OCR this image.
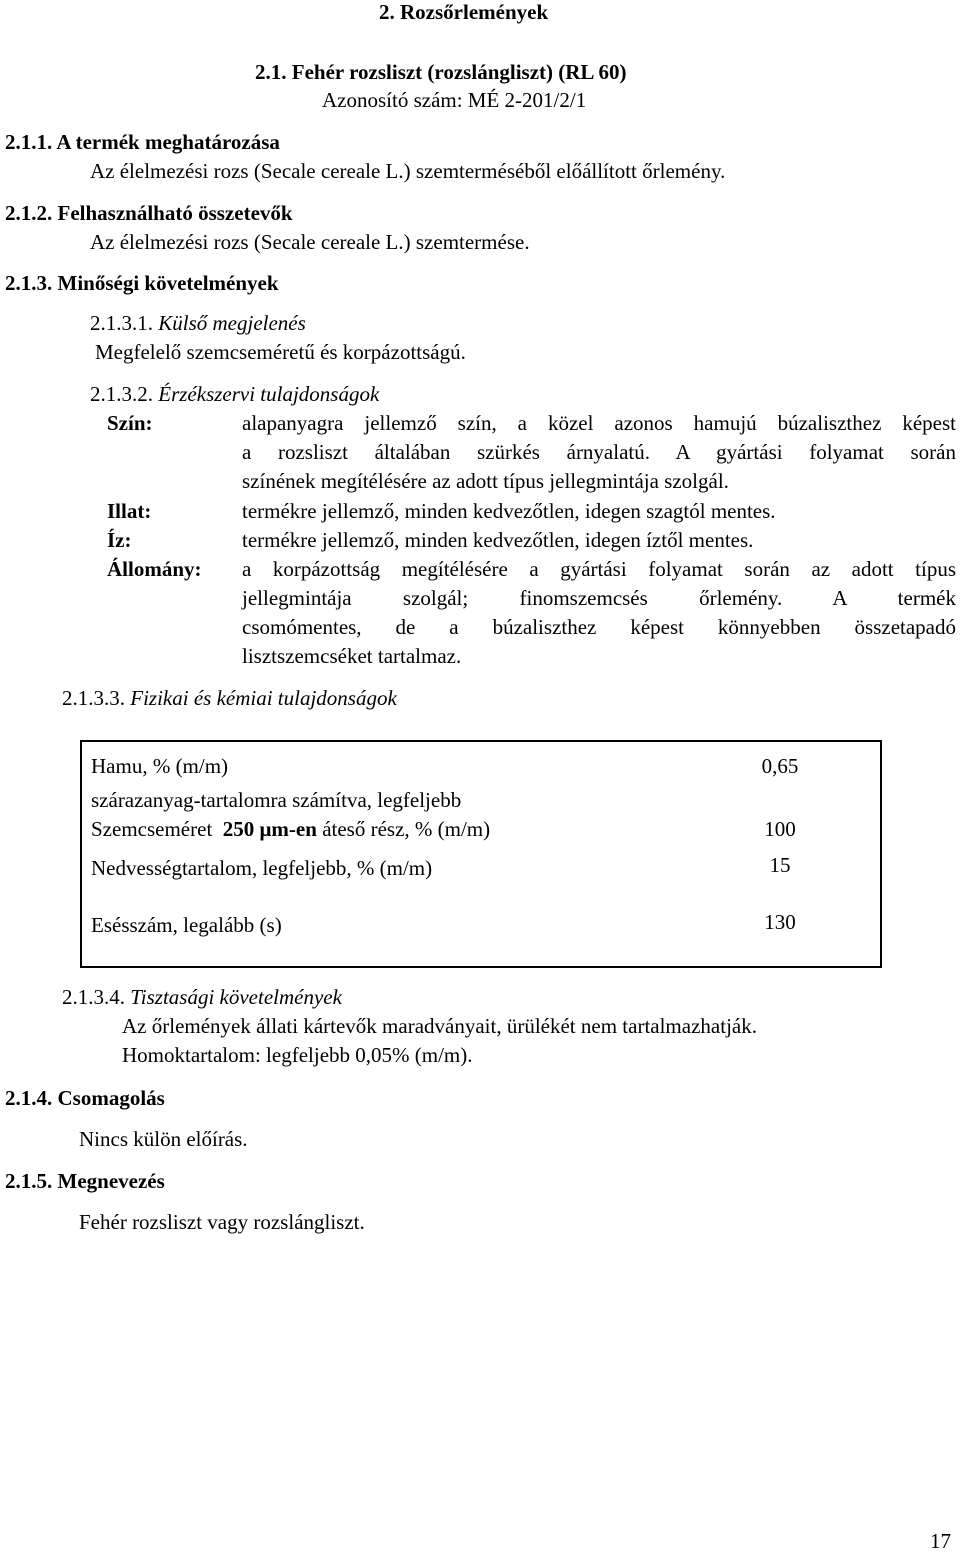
2. Rozsőrlemények
2.1. Fehér rozsliszt (rozslángliszt) (RL 60)
Azonosító szám: MÉ 2-201/2/1
2.1.1. A termék meghatározása
Az élelmezési rozs (Secale cereale L.) szemterméséből előállított őrlemény.
2.1.2. Felhasználható összetevők
Az élelmezési rozs (Secale cereale L.) szemtermése.
2.1.3. Minőségi követelmények
2.1.3.1. Külső megjelenés
Megfelelő szemcseméretű és korpázottságú.
2.1.3.2. Érzékszervi tulajdonságok
Szín:	alapanyagra jellemző szín, a közel azonos hamujú búzaliszthez képest
a rozsliszt általában szürkés árnyalatú. A gyártási folyamat során
színének megítélésére az adott típus jellegmintája szolgál.
Illat:	termékre jellemző, minden kedvezőtlen, idegen szagtól mentes.
Íz:	termékre jellemző, minden kedvezőtlen, idegen íztől mentes.
Állomány: a korpázottság megítélésére a gyártási folyamat során az adott típus
jellegmintája szolgál; finomszemcsés őrlemény. A termék
csomómentes, de a búzaliszthez képest könnyebben összetapadó
lisztszemcséket tartalmaz.
2.1.3.3. Fizikai és kémiai tulajdonságok
Hamu, % (m/m)
szárazanyag-tartalomra számítva, legfeljebb	0,65
Szemcseméret 250 μm-en áteső rész, % (m/m)	100
Nedvességtartalom, legfeljebb, % (m/m)	15
Esésszám, legalább (s)	130
2.1.3.4. Tisztasági követelmények
Az őrlemények állati kártevők maradványait, ürülékét nem tartalmazhatják.
Homoktartalom: legfeljebb 0,05% (m/m).
2.1.4. Csomagolás
Nincs külön előírás.
2.1.5. Megnevezés
Fehér rozsliszt vagy rozslángliszt.
17
